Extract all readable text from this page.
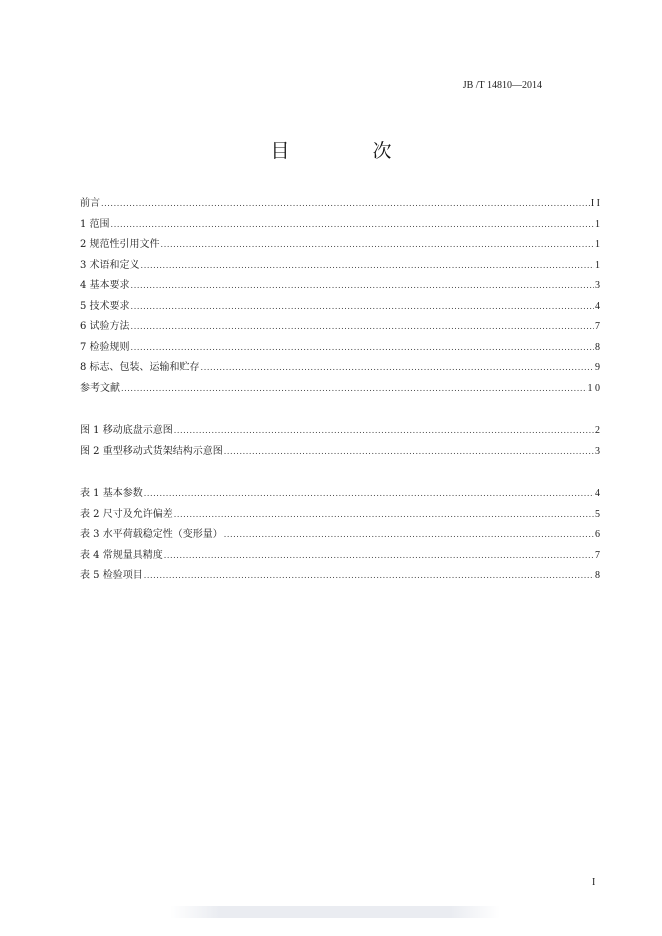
JB /T 14810—2014
目　次
前言 .....	I I
1 范围 .....	1
2 规范性引用文件 .....	1
3 术语和定义 .....	1
4 基本要求 .....	3
5 技术要求 .....	4
6 试验方法 .....	7
7 检验规则 .....	8
8 标志、包装、运输和贮存 .....	9
参考文献 .....	1 0
图 1 移动底盘示意图 .....	2
图 2 重型移动式货架结构示意图 .....	3
表 1 基本参数 .....	4
表 2 尺寸及允许偏差 .....	5
表 3 水平荷载稳定性（变形量） .....	6
表 4 常规量具精度 .....	7
表 5 检验项目 .....	8
I
